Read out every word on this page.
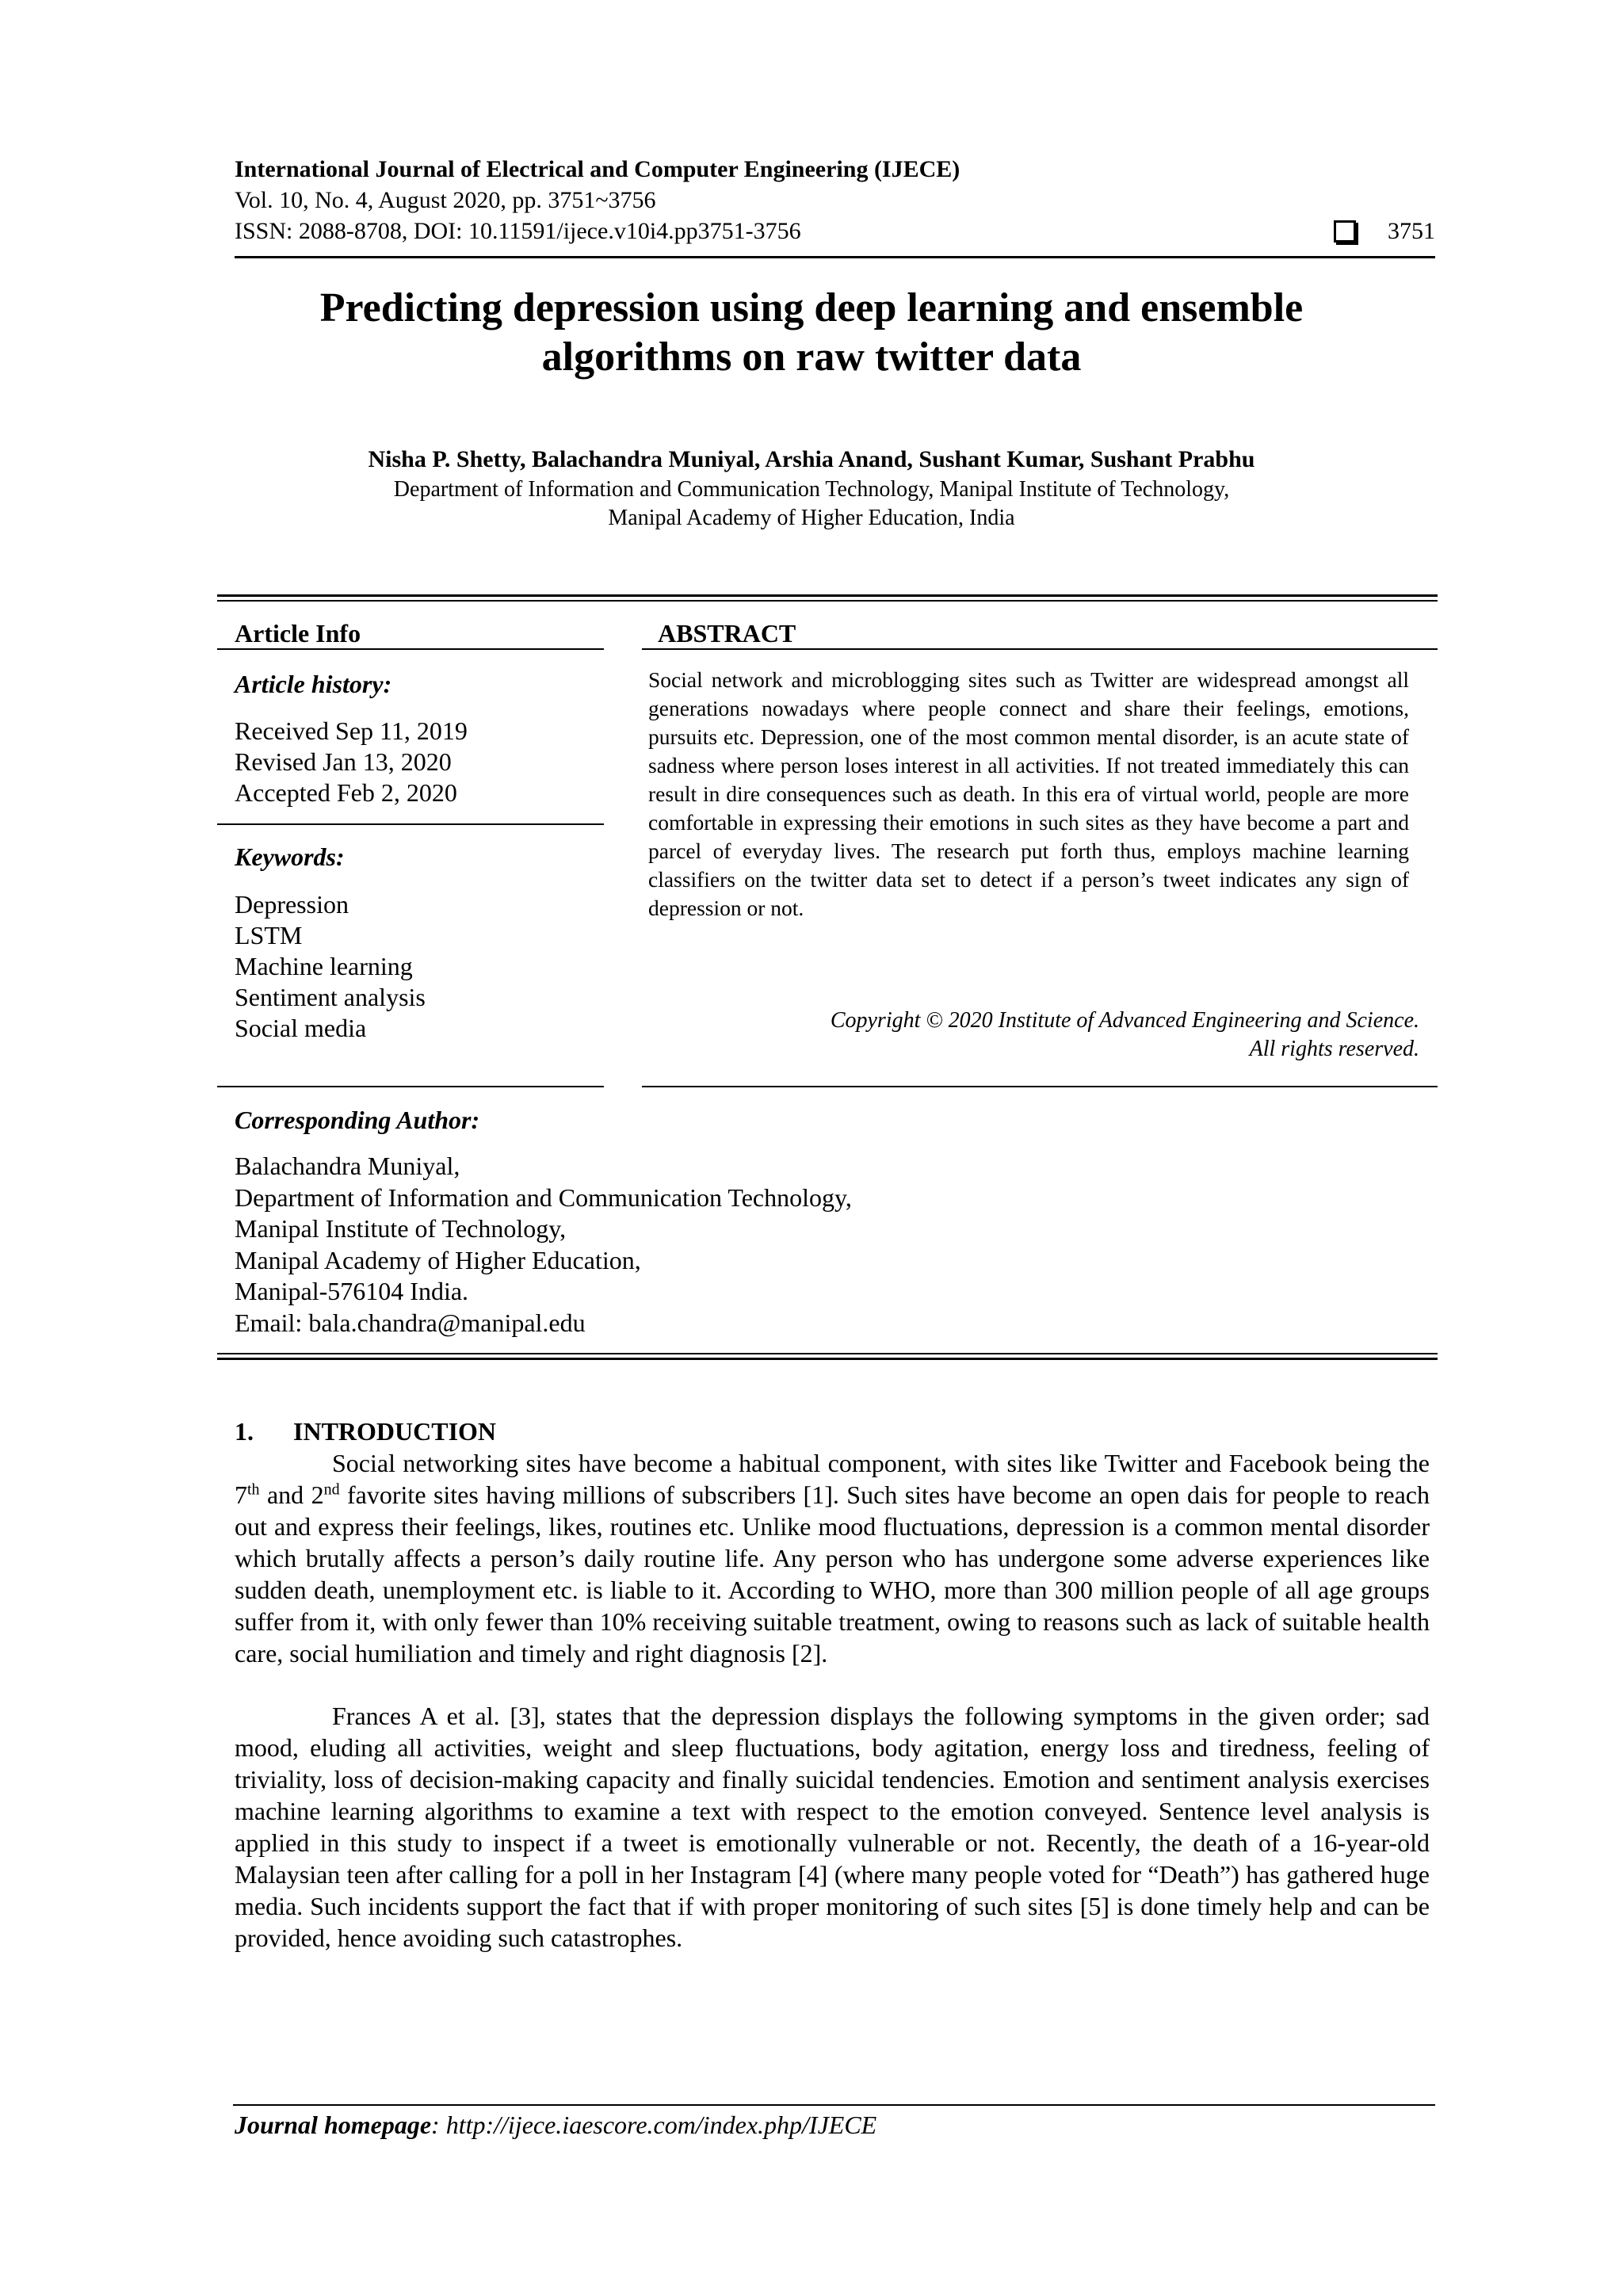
International Journal of Electrical and Computer Engineering (IJECE)
Vol. 10, No. 4, August 2020, pp. 3751~3756
ISSN: 2088-8708, DOI: 10.11591/ijece.v10i4.pp3751-3756	3751
Predicting depression using deep learning and ensemble
algorithms on raw twitter data
Nisha P. Shetty, Balachandra Muniyal, Arshia Anand, Sushant Kumar, Sushant Prabhu
Department of Information and Communication Technology, Manipal Institute of Technology,
Manipal Academy of Higher Education, India
Article Info
Article history:
Received Sep 11, 2019
Revised Jan 13, 2020
Accepted Feb 2, 2020
Keywords:
Depression
LSTM
Machine learning
Sentiment analysis
Social media
ABSTRACT
Social network and microblogging sites such as Twitter are widespread amongst all generations nowadays where people connect and share their feelings, emotions, pursuits etc. Depression, one of the most common mental disorder, is an acute state of sadness where person loses interest in all activities. If not treated immediately this can result in dire consequences such as death. In this era of virtual world, people are more comfortable in expressing their emotions in such sites as they have become a part and parcel of everyday lives. The research put forth thus, employs machine learning classifiers on the twitter data set to detect if a person’s tweet indicates any sign of depression or not.
Copyright © 2020 Institute of Advanced Engineering and Science.
All rights reserved.
Corresponding Author:
Balachandra Muniyal,
Department of Information and Communication Technology,
Manipal Institute of Technology,
Manipal Academy of Higher Education,
Manipal-576104 India.
Email: bala.chandra@manipal.edu
1. INTRODUCTION
Social networking sites have become a habitual component, with sites like Twitter and Facebook being the 7th and 2nd favorite sites having millions of subscribers [1]. Such sites have become an open dais for people to reach out and express their feelings, likes, routines etc. Unlike mood fluctuations, depression is a common mental disorder which brutally affects a person’s daily routine life. Any person who has undergone some adverse experiences like sudden death, unemployment etc. is liable to it. According to WHO, more than 300 million people of all age groups suffer from it, with only fewer than 10% receiving suitable treatment, owing to reasons such as lack of suitable health care, social humiliation and timely and right diagnosis [2].
Frances A et al. [3], states that the depression displays the following symptoms in the given order; sad mood, eluding all activities, weight and sleep fluctuations, body agitation, energy loss and tiredness, feeling of triviality, loss of decision-making capacity and finally suicidal tendencies. Emotion and sentiment analysis exercises machine learning algorithms to examine a text with respect to the emotion conveyed. Sentence level analysis is applied in this study to inspect if a tweet is emotionally vulnerable or not. Recently, the death of a 16-year-old Malaysian teen after calling for a poll in her Instagram [4] (where many people voted for “Death”) has gathered huge media. Such incidents support the fact that if with proper monitoring of such sites [5] is done timely help and can be provided, hence avoiding such catastrophes.
Journal homepage: http://ijece.iaescore.com/index.php/IJECE
